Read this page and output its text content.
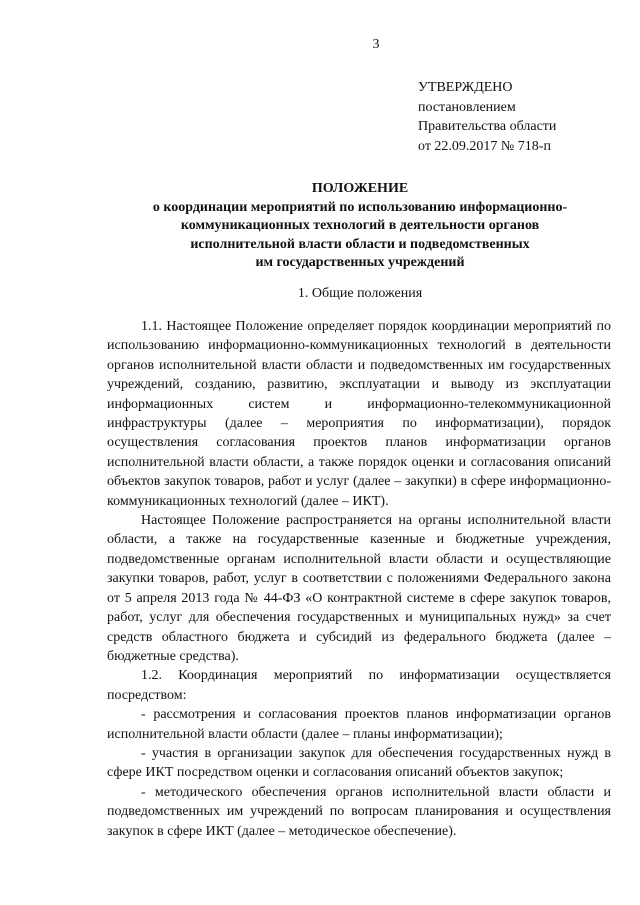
3
УТВЕРЖДЕНО
постановлением
Правительства области
от 22.09.2017 № 718-п
ПОЛОЖЕНИЕ
о координации мероприятий по использованию информационно-
коммуникационных технологий в деятельности органов
исполнительной власти области и подведомственных
им государственных учреждений
1. Общие положения

1.1. Настоящее Положение определяет порядок координации мероприятий по использованию информационно-коммуникационных технологий в деятельности органов исполнительной власти области и подведомственных им государственных учреждений, созданию, развитию, эксплуатации и выводу из эксплуатации информационных систем и информационно-телекоммуникационной инфраструктуры (далее – мероприятия по информатизации), порядок осуществления согласования проектов планов информатизации органов исполнительной власти области, а также порядок оценки и согласования описаний объектов закупок товаров, работ и услуг (далее – закупки) в сфере информационно-коммуникационных технологий (далее – ИКТ).

Настоящее Положение распространяется на органы исполнительной власти области, а также на государственные казенные и бюджетные учреждения, подведомственные органам исполнительной власти области и осуществляющие закупки товаров, работ, услуг в соответствии с положениями Федерального закона от 5 апреля 2013 года № 44-ФЗ «О контрактной системе в сфере закупок товаров, работ, услуг для обеспечения государственных и муниципальных нужд» за счет средств областного бюджета и субсидий из федерального бюджета (далее – бюджетные средства).

1.2. Координация мероприятий по информатизации осуществляется посредством:

- рассмотрения и согласования проектов планов информатизации органов исполнительной власти области (далее – планы информатизации);

- участия в организации закупок для обеспечения государственных нужд в сфере ИКТ посредством оценки и согласования описаний объектов закупок;

- методического обеспечения органов исполнительной власти области и подведомственных им учреждений по вопросам планирования и осуществления закупок в сфере ИКТ (далее – методическое обеспечение).
